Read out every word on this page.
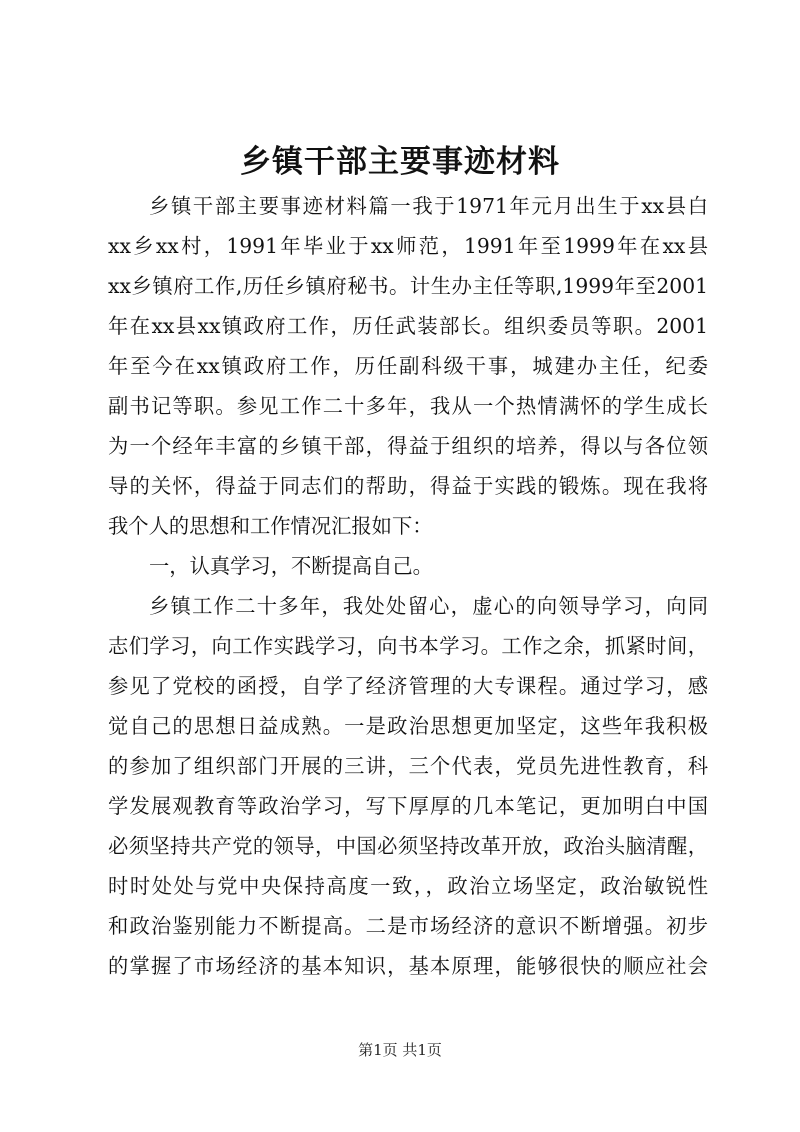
乡镇干部主要事迹材料
乡镇干部主要事迹材料篇一我于1971年元月出生于xx县白
xx乡xx村，1991年毕业于xx师范，1991年至1999年在xx县
xx乡镇府工作,历任乡镇府秘书。计生办主任等职,1999年至2001
年在xx县xx镇政府工作，历任武装部长。组织委员等职。2001
年至今在xx镇政府工作，历任副科级干事，城建办主任，纪委
副书记等职。参见工作二十多年，我从一个热情满怀的学生成长
为一个经年丰富的乡镇干部，得益于组织的培养，得以与各位领
导的关怀，得益于同志们的帮助，得益于实践的锻炼。现在我将
我个人的思想和工作情况汇报如下：
一，认真学习，不断提高自己。
乡镇工作二十多年，我处处留心，虚心的向领导学习，向同
志们学习，向工作实践学习，向书本学习。工作之余，抓紧时间，
参见了党校的函授，自学了经济管理的大专课程。通过学习，感
觉自己的思想日益成熟。一是政治思想更加坚定，这些年我积极
的参加了组织部门开展的三讲，三个代表，党员先进性教育，科
学发展观教育等政治学习，写下厚厚的几本笔记，更加明白中国
必须坚持共产党的领导，中国必须坚持改革开放，政治头脑清醒，
时时处处与党中央保持高度一致，，政治立场坚定，政治敏锐性
和政治鉴别能力不断提高。二是市场经济的意识不断增强。初步
的掌握了市场经济的基本知识，基本原理，能够很快的顺应社会
第1页 共1页
